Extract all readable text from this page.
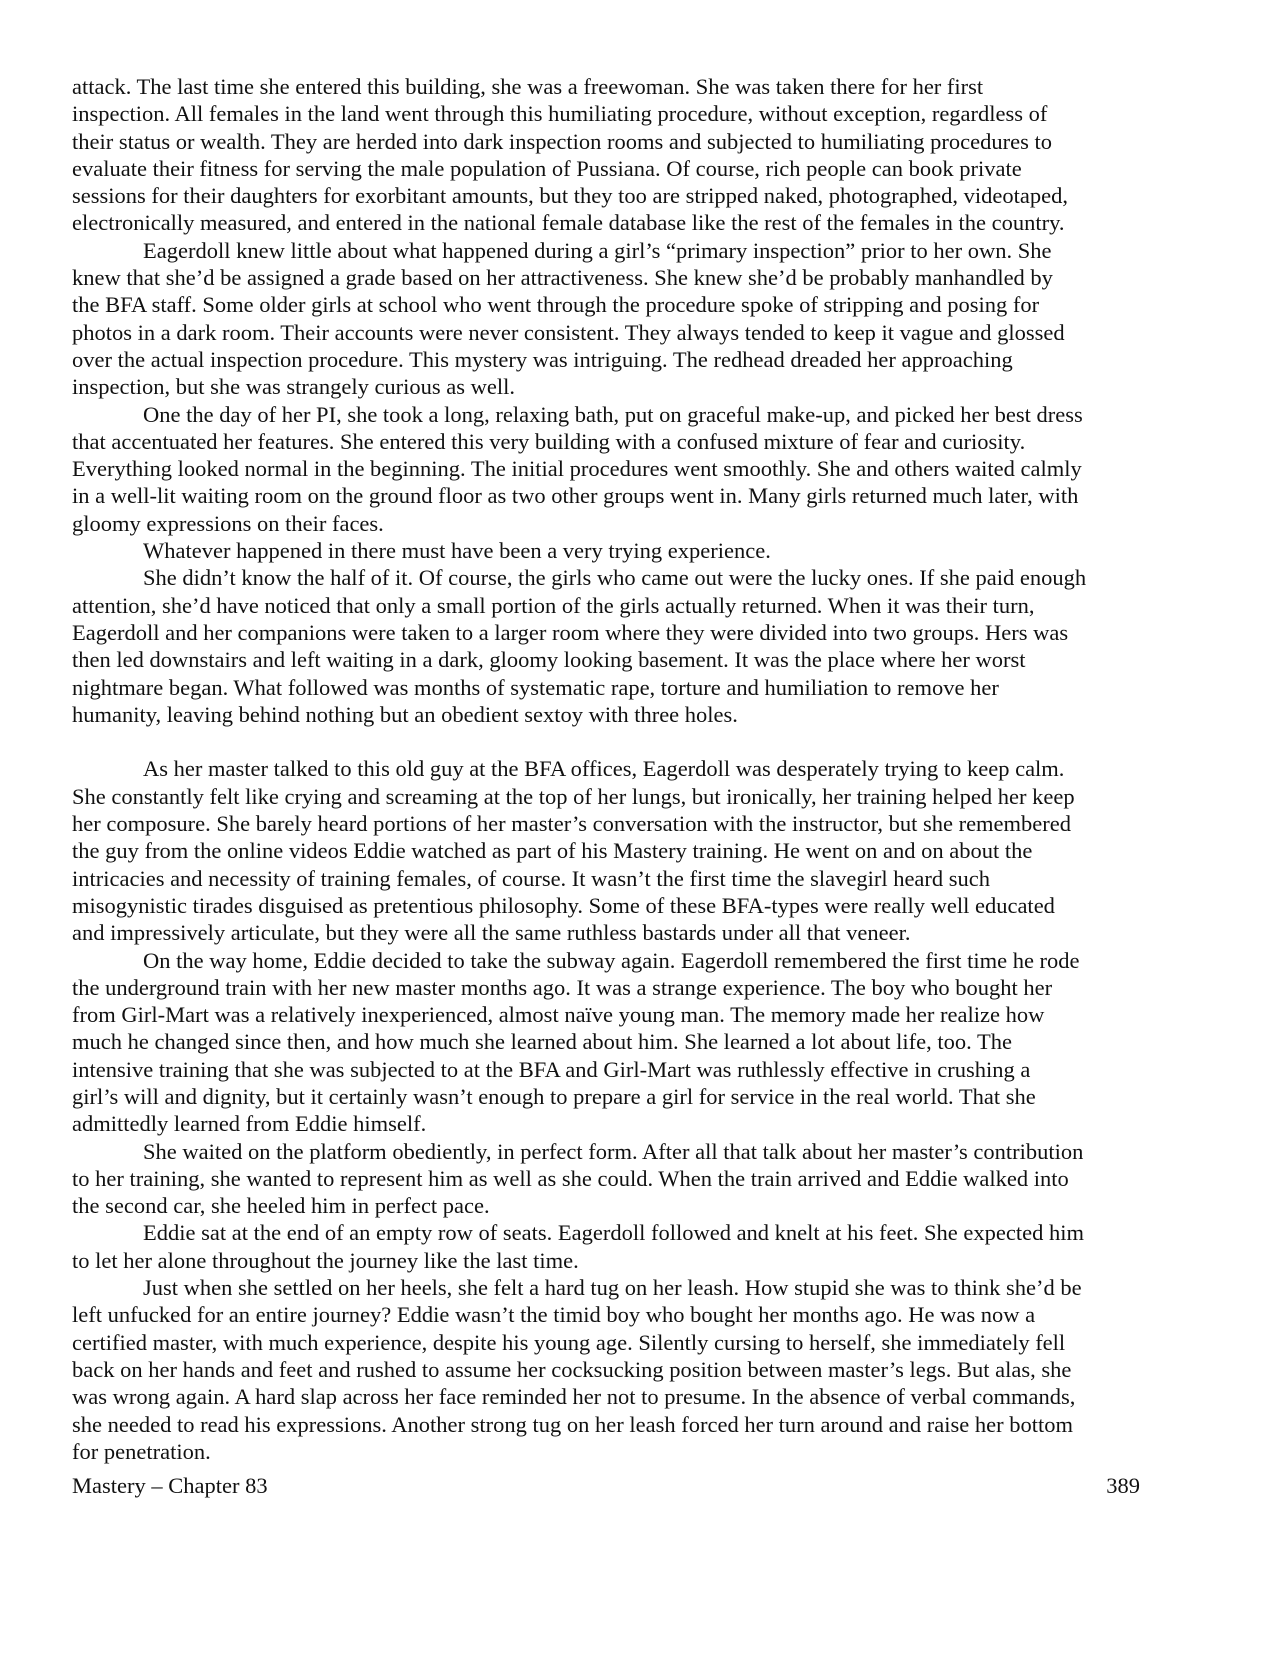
attack. The last time she entered this building, she was a freewoman. She was taken there for her first
inspection. All females in the land went through this humiliating procedure, without exception, regardless of
their status or wealth. They are herded into dark inspection rooms and subjected to humiliating procedures to
evaluate their fitness for serving the male population of Pussiana. Of course, rich people can book private
sessions for their daughters for exorbitant amounts, but they too are stripped naked, photographed, videotaped,
electronically measured, and entered in the national female database like the rest of the females in the country.
Eagerdoll knew little about what happened during a girl’s “primary inspection” prior to her own. She
knew that she’d be assigned a grade based on her attractiveness. She knew she’d be probably manhandled by
the BFA staff. Some older girls at school who went through the procedure spoke of stripping and posing for
photos in a dark room. Their accounts were never consistent. They always tended to keep it vague and glossed
over the actual inspection procedure. This mystery was intriguing. The redhead dreaded her approaching
inspection, but she was strangely curious as well.
One the day of her PI, she took a long, relaxing bath, put on graceful make-up, and picked her best dress
that accentuated her features. She entered this very building with a confused mixture of fear and curiosity.
Everything looked normal in the beginning. The initial procedures went smoothly. She and others waited calmly
in a well-lit waiting room on the ground floor as two other groups went in. Many girls returned much later, with
gloomy expressions on their faces.
Whatever happened in there must have been a very trying experience.
She didn’t know the half of it. Of course, the girls who came out were the lucky ones. If she paid enough
attention, she’d have noticed that only a small portion of the girls actually returned. When it was their turn,
Eagerdoll and her companions were taken to a larger room where they were divided into two groups. Hers was
then led downstairs and left waiting in a dark, gloomy looking basement. It was the place where her worst
nightmare began. What followed was months of systematic rape, torture and humiliation to remove her
humanity, leaving behind nothing but an obedient sextoy with three holes.
As her master talked to this old guy at the BFA offices, Eagerdoll was desperately trying to keep calm.
She constantly felt like crying and screaming at the top of her lungs, but ironically, her training helped her keep
her composure. She barely heard portions of her master’s conversation with the instructor, but she remembered
the guy from the online videos Eddie watched as part of his Mastery training. He went on and on about the
intricacies and necessity of training females, of course. It wasn’t the first time the slavegirl heard such
misogynistic tirades disguised as pretentious philosophy. Some of these BFA-types were really well educated
and impressively articulate, but they were all the same ruthless bastards under all that veneer.
On the way home, Eddie decided to take the subway again. Eagerdoll remembered the first time he rode
the underground train with her new master months ago. It was a strange experience. The boy who bought her
from Girl-Mart was a relatively inexperienced, almost naïve young man. The memory made her realize how
much he changed since then, and how much she learned about him. She learned a lot about life, too. The
intensive training that she was subjected to at the BFA and Girl-Mart was ruthlessly effective in crushing a
girl’s will and dignity, but it certainly wasn’t enough to prepare a girl for service in the real world. That she
admittedly learned from Eddie himself.
She waited on the platform obediently, in perfect form. After all that talk about her master’s contribution
to her training, she wanted to represent him as well as she could. When the train arrived and Eddie walked into
the second car, she heeled him in perfect pace.
Eddie sat at the end of an empty row of seats. Eagerdoll followed and knelt at his feet. She expected him
to let her alone throughout the journey like the last time.
Just when she settled on her heels, she felt a hard tug on her leash. How stupid she was to think she’d be
left unfucked for an entire journey? Eddie wasn’t the timid boy who bought her months ago. He was now a
certified master, with much experience, despite his young age. Silently cursing to herself, she immediately fell
back on her hands and feet and rushed to assume her cocksucking position between master’s legs. But alas, she
was wrong again. A hard slap across her face reminded her not to presume. In the absence of verbal commands,
she needed to read his expressions. Another strong tug on her leash forced her turn around and raise her bottom
for penetration.
Mastery – Chapter 83	389
